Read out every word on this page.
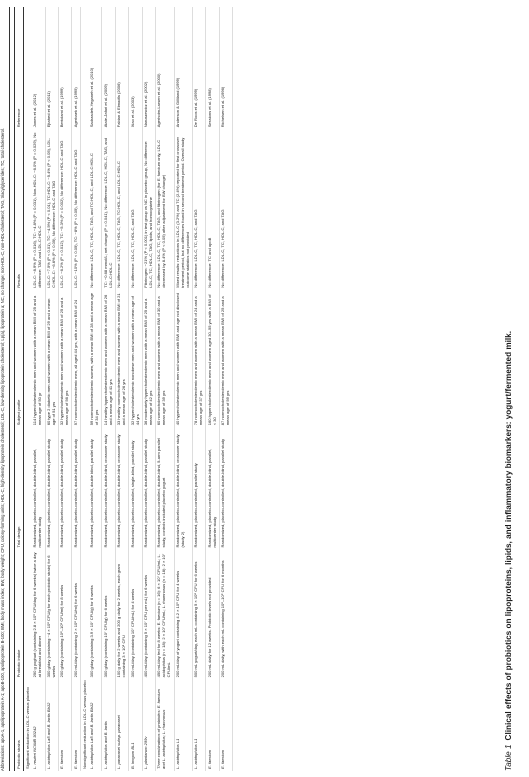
Table 1Clinical effects of probiotics on lipoproteins, lipids, and inflammatory biomarkers: yogurt/fermented milk.
Probiotic strains	Probiotic intake	Trial design	Subject profile	Results	Reference
Significant reduction in LDL-C versus placebo					
L. reuteri NCIMB 30242	250 g yoghurt (containing 2.8 × 10⁹ CFU/day for 6 weeks) twice a day at breakfast and dinner	Randomized, placebo-controlled, double-blind, parallel, multicenter study	114 hypercholesterolemic men and women with a mean BMI of 25 and a mean age of 50 yr	LDL-C: −8.9% (P = 0.016), TC: −4.8% (P = 0.031), Non-HDL-C: −6.0% (P = 0.029), No difference: TAG and LDL-C:HDL-C	Jones et al. (2012)
L. acidophilus La5 and B. lactis Bb12	300 g/day (containing ~4 × 10⁸ CFU/g for each probiotic strain) for 6 weeks	Randomized, placebo-controlled, double-blind, parallel study	60 type 2 diabetic men and women with a mean BMI of 29 and a mean age of 51 yrs	LDL-C: −7.5% (P < 0.01), TC: −4.5% (P < 0.01), TC:HDL-C: −5.4% (P < 0.05), LDL-C:HDL-C: −6.6% (P < 0.05), No difference: HDL-C and TAG	Ejtahed et al. (2011)
E. faecium	200 g/day (containing 10⁸–10⁹ CFU/ml) for 8 weeks	Randomized, placebo-controlled, double-blind, parallel study	32 hypercholesterolemic men and women with a mean BMI of 25 and a mean age of 56 yrs	LDL-C: −6.2% (P = 0.012), TC: −5.3% (P = 0.002), No difference: HDL-C and TAG	Bertolami et al. (1999)
E. faecium	200 mL/day (containing 2 × 10⁸ CFU/ml) for 6 weeks	Randomized, placebo-controlled, double-blind, parallel study	57 normocholesterolemic men, all aged 44 yrs, with a mean BMI of 24	LDL-C: −10% (P < 0.05), TC: −8% (P < 0.05), No difference: HDL-C and TAG	Agerbaek et al. (1995)
Nonsignificant reduction in LDL-C versus placebo					
L. acidophilus La5 and B. lactis Bb12	300 g/day (containing 3.9 × 10⁷ CFU/g) for 6 weeks	Randomized, placebo-controlled, double blind, parallel study	59 normocholesterolemic women, with a mean BMI of 28 and a mean age of 34 yrs	No difference: LDL-C, TC, HDL-C, TAG, and TC:HDL-C, and LDL-C:HDL-C	Sadrzadeh-Yeganeh et al. (2010)
L. acidophilus and B. lactis	300 g/day (containing 10⁷ CFU/g) for 6 weeks	Randomized, placebo-controlled, double-blind, crossover study	14 healthy hypercholesterolemic men and women with a mean BMI of 26 and a mean age of 41 yrs	TC: −0.68 mmol/L; net change (P = 0.041), No difference: LDL-C, HDL-C, TAG, and LDL-C:HDL-C	Ataie-Jafari et al. (2009)
L. paracasei subsp. paracasei	100 g daily for 2 weeks and 200 g daily for 2 weeks, each gram containing 3 × 10⁸ CFU	Randomized, placebo-controlled, double-blind, crossover study	33 healthy normocholesterolemic men and women with a mean BMI of 21 and a mean age of 26 yrs	No difference: LDL-C, TC, HDL-C, TAG, TC:HDL-C, and LDL-C:HDL-C	Fabian & Elmadfa (2006)
B. longum BL1	300 mL/day (containing 10⁷ CFU/mL) for 4 weeks	Randomized, placebo-controlled, single-blind, parallel study	32 hypercholesterolemic nonobese men and women with a mean age of 44 yrs	No difference: LDL-C, TC, HDL-C, and TAG	Xiao et al. (2003)
L. plantarum 299v	400 mL/day (containing 5 × 10⁷ CFU per mL) for 6 weeks	Randomized, placebo-controlled, double-blind, parallel study	36 moderately hypercholesterolemic men with a mean BMI of 25 and a mean age of 42 yrs	Fibrinogen: −21% (P < 0.001) in test group vs NC in placebo group, No difference: LDL-C, TC, HDL-C, TAG, lipids, and homocysteine	Naruszewicz et al. (2002)
Three combinations of probiotics: E. faecium and L. acidophilus; L. rhamnosus	450 mL/day fed for 8 weeks: E. faecium (n = 16): 6 × 10⁷ CFU/mL; L. acidophilus (n = 18): 2 × 10⁷ CFU/mL; L. rhamnosus (n = 18): 2 × 10⁷ CFU/mL	Randomized, placebo-controlled, double-blind, 5-arm parallel study, controls included placebo yogurt	60 normocholesterolemic men and women with a mean BMI of 30 and a mean age of 39 yrs	No difference: LDL-C, TC, HDL-C, TAG, and fibrinogen (for E. faecium only, LDL-C decreased by 8.4% (P < 0.05) after adjustment for BW change)	Agerholm-Larsen et al. (2000)
L. acidophilus L1	200 mL/day of yogurt containing 4.2 × 10⁹ CFU for 4 weeks	Randomized, placebo-controlled, double-blind, crossover study (study 2)	40 hypercholesterolemic men and women with BMI and age not disclosed	Mixed results: reductions in LDL-C (3.2%) and TC (2.4%) reported for first crossover treatment period, but no differences found in second treatment period. Overall study outcome statistics not provided	Anderson & Gilliland (1999)
L. acidophilus L1	500 mL yogurt/day, each mL containing 5 × 10⁸ CFU for 6 weeks	Randomized, placebo-controlled, parallel study	78 normocholesterolemic men and women with a mean BMI of 24 and a mean age of 37 yrs	No difference: LDL-C, TC, HDL-C, and TAG	De Roos et al. (1999)
E. faecium	200 mL daily for 12 weeks. Probiotic levels not provided	Randomized, placebo-controlled, double-blind, parallel, multicenter study	160 hypercholesterolemic men and women aged 30–55 yrs with a BMI of < 30	No difference: TC and apoB	Sessions et al. (1998)
E. faecium	200 mL daily, with each mL containing 10⁸–10⁹ CFU for 6 months	Randomized, placebo-controlled, double-blind, parallel study	87 normocholesterolemic men and women with a mean BMI of 25 and a mean age of 59 yrs	No difference: LDL-C, TC, HDL-C, and TAG	Richelsen et al. (1996)
Abbreviations: apoA-1, apolipoprotein A-1; apoB-100, apolipoprotein B-100; BMI, body mass index; BW, body weight; CFU, colony-forming units; HDL-C, high-density lipoprotein cholesterol; LDL-C, low-density lipoprotein cholesterol; Lp(a), lipoprotein a; NC, no change; non-HDL-C, non-HDL-cholesterol; TAG, triacylglycerides; TC, total cholesterol.
